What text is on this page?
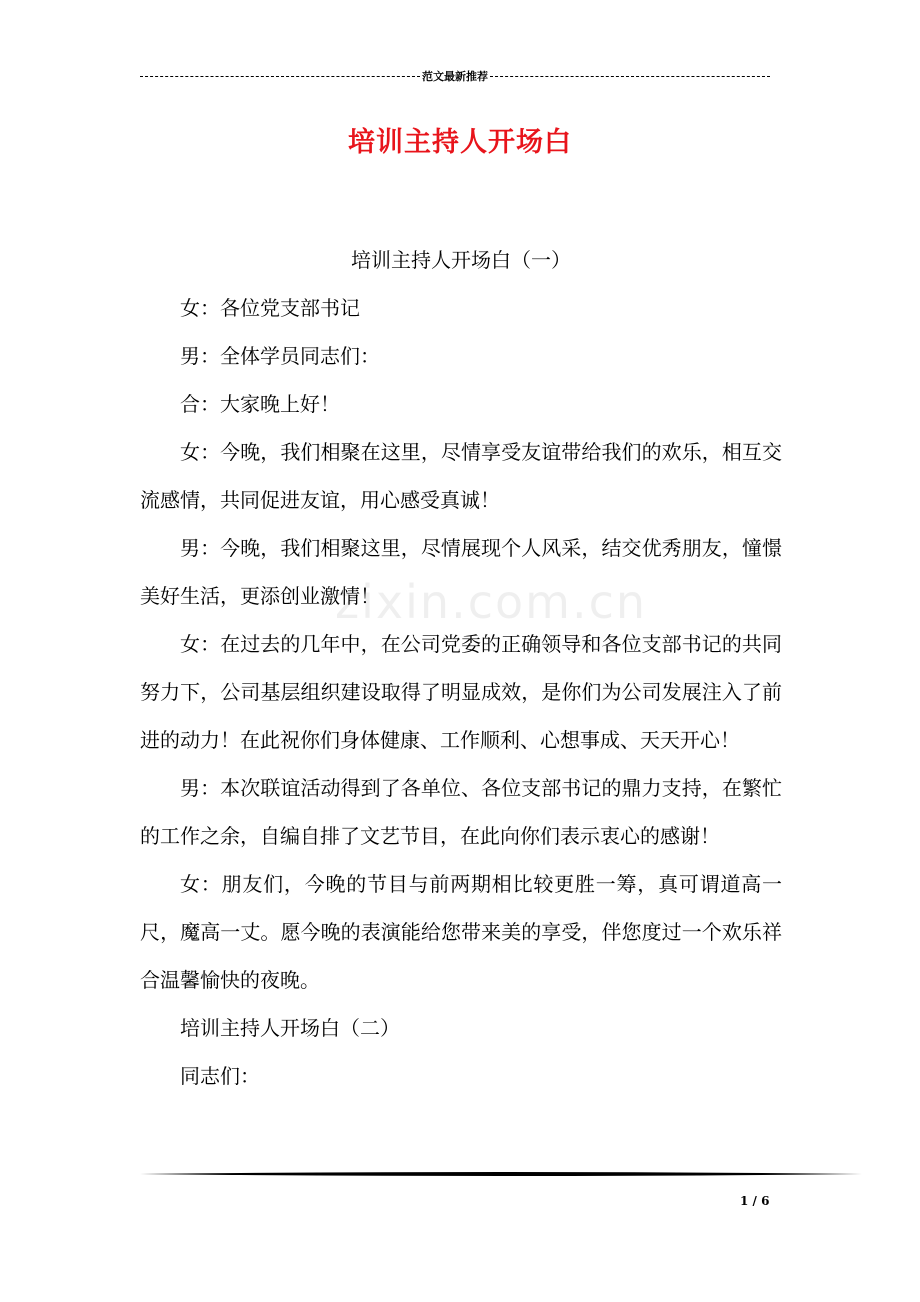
范文最新推荐
培训主持人开场白
zixin.com.cn

培训主持人开场白（一）

女：各位党支部书记

男：全体学员同志们：

合：大家晚上好！

女：今晚，我们相聚在这里，尽情享受友谊带给我们的欢乐，相互交流感情，共同促进友谊，用心感受真诚！

男：今晚，我们相聚这里，尽情展现个人风采，结交优秀朋友，憧憬美好生活，更添创业激情！

女：在过去的几年中，在公司党委的正确领导和各位支部书记的共同努力下，公司基层组织建设取得了明显成效，是你们为公司发展注入了前进的动力！在此祝你们身体健康、工作顺利、心想事成、天天开心！

男：本次联谊活动得到了各单位、各位支部书记的鼎力支持，在繁忙的工作之余，自编自排了文艺节目，在此向你们表示衷心的感谢！

女：朋友们，今晚的节目与前两期相比较更胜一筹，真可谓道高一尺，魔高一丈。愿今晚的表演能给您带来美的享受，伴您度过一个欢乐祥合温馨愉快的夜晚。

培训主持人开场白（二）

同志们：

1 / 6
